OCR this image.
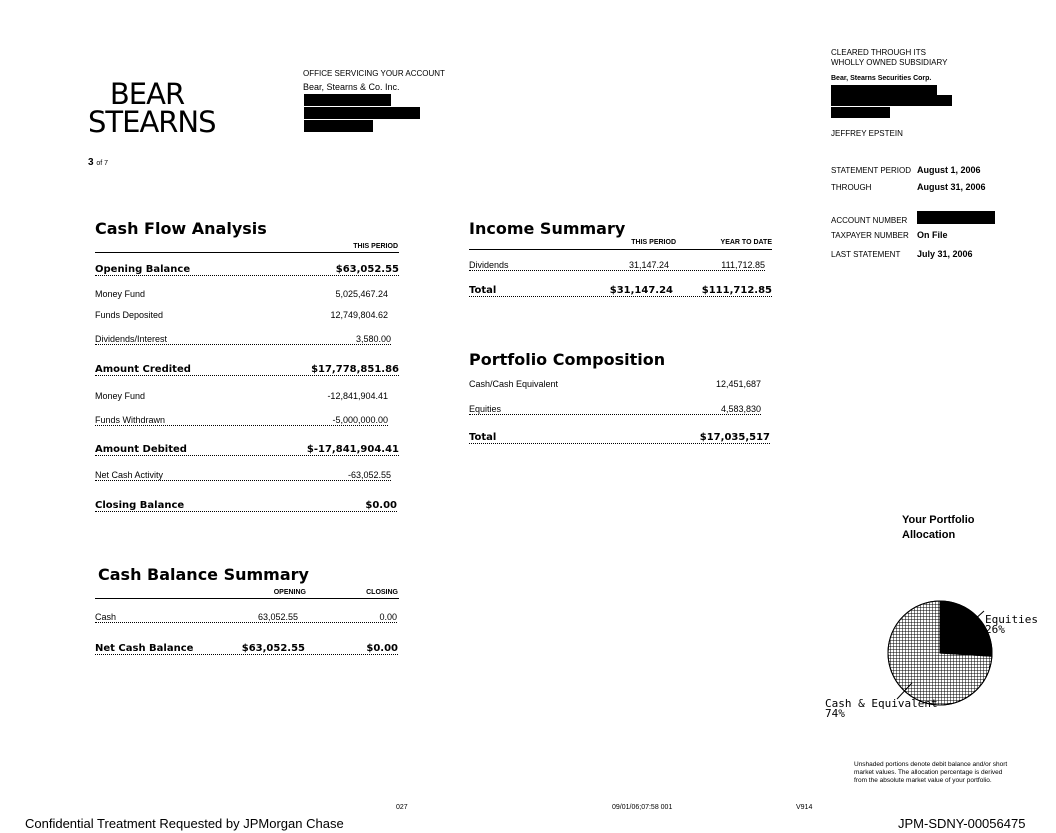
BEAR
STEARNS
3 of 7
OFFICE SERVICING YOUR ACCOUNT
Bear, Stearns & Co. Inc.
CLEARED THROUGH ITS
WHOLLY OWNED SUBSIDIARY
Bear, Stearns Securities Corp.
JEFFREY EPSTEIN
STATEMENT PERIOD August 1, 2006
THROUGH	August 31, 2006
ACCOUNT NUMBER
TAXPAYER NUMBER On File
LAST STATEMENT July 31, 2006
Cash Flow Analysis
THIS PERIOD
Opening Balance	$63,052.55
Money Fund	5,025,467.24
Funds Deposited	12,749,804.62
Dividends/Interest	3,580.00
Amount Credited	$17,778,851.86
Money Fund	-12,841,904.41
Funds Withdrawn	-5,000,000.00
Amount Debited	$-17,841,904.41
Net Cash Activity	-63,052.55
Closing Balance	$0.00
Income Summary
THIS PERIOD	YEAR TO DATE
Dividends	31,147.24	111,712.85
Total	$31,147.24	$111,712.85
Portfolio Composition
Cash/Cash Equivalent	12,451,687
Equities	4,583,830
Total	$17,035,517
Cash Balance Summary
OPENING	CLOSING
Cash	63,052.55	0.00
Net Cash Balance	$63,052.55	$0.00
Your Portfolio
Allocation
Equities
26%
Cash & Equivalent
74%
Unshaded portions denote debit balance and/or short
market values. The allocation percentage is derived
from the absolute market value of your portfolio.
027	09/01/06;07:58 001	V914
Confidential Treatment Requested by JPMorgan Chase	JPM-SDNY-00056475
